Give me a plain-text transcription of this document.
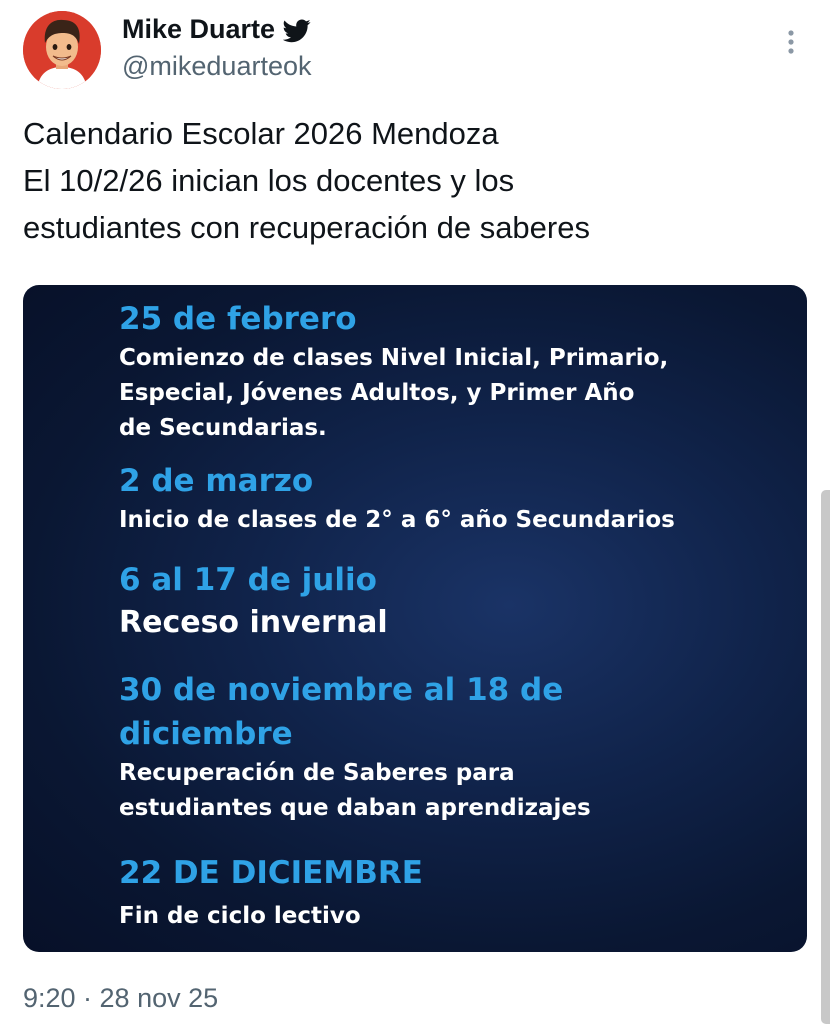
Mike Duarte
@mikeduarteok
Calendario Escolar 2026 Mendoza
El 10/2/26 inician los docentes y los
estudiantes con recuperación de saberes
25 de febrero
Comienzo de clases Nivel Inicial, Primario,
Especial, Jóvenes Adultos, y Primer Año
de Secundarias.
2 de marzo
Inicio de clases de 2° a 6° año Secundarios
6 al 17 de julio
Receso invernal
30 de noviembre al 18 de
diciembre
Recuperación de Saberes para
estudiantes que daban aprendizajes
22 DE DICIEMBRE
Fin de ciclo lectivo
9:20 · 28 nov 25
